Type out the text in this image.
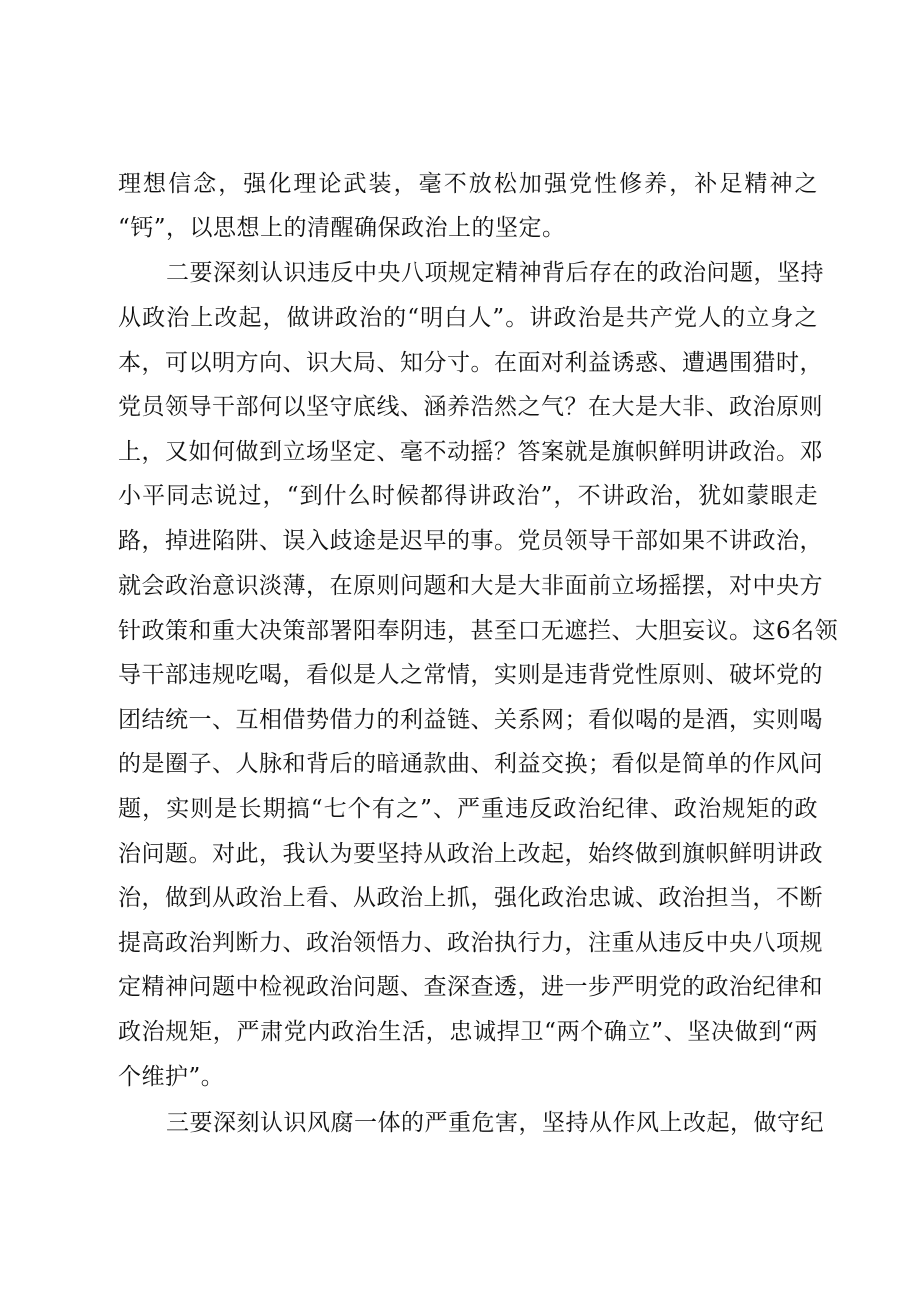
理想信念，强化理论武装，毫不放松加强党性修养，补足精神之
“钙”，以思想上的清醒确保政治上的坚定。
二要深刻认识违反中央八项规定精神背后存在的政治问题，坚持
从政治上改起，做讲政治的“明白人”。讲政治是共产党人的立身之
本，可以明方向、识大局、知分寸。在面对利益诱惑、遭遇围猎时，
党员领导干部何以坚守底线、涵养浩然之气？在大是大非、政治原则
上，又如何做到立场坚定、毫不动摇？答案就是旗帜鲜明讲政治。邓
小平同志说过，“到什么时候都得讲政治”，不讲政治，犹如蒙眼走
路，掉进陷阱、误入歧途是迟早的事。党员领导干部如果不讲政治，
就会政治意识淡薄，在原则问题和大是大非面前立场摇摆，对中央方
针政策和重大决策部署阳奉阴违，甚至口无遮拦、大胆妄议。这6名领
导干部违规吃喝，看似是人之常情，实则是违背党性原则、破坏党的
团结统一、互相借势借力的利益链、关系网；看似喝的是酒，实则喝
的是圈子、人脉和背后的暗通款曲、利益交换；看似是简单的作风问
题，实则是长期搞“七个有之”、严重违反政治纪律、政治规矩的政
治问题。对此，我认为要坚持从政治上改起，始终做到旗帜鲜明讲政
治，做到从政治上看、从政治上抓，强化政治忠诚、政治担当，不断
提高政治判断力、政治领悟力、政治执行力，注重从违反中央八项规
定精神问题中检视政治问题、查深查透，进一步严明党的政治纪律和
政治规矩，严肃党内政治生活，忠诚捍卫“两个确立”、坚决做到“两
个维护”。
三要深刻认识风腐一体的严重危害，坚持从作风上改起，做守纪
